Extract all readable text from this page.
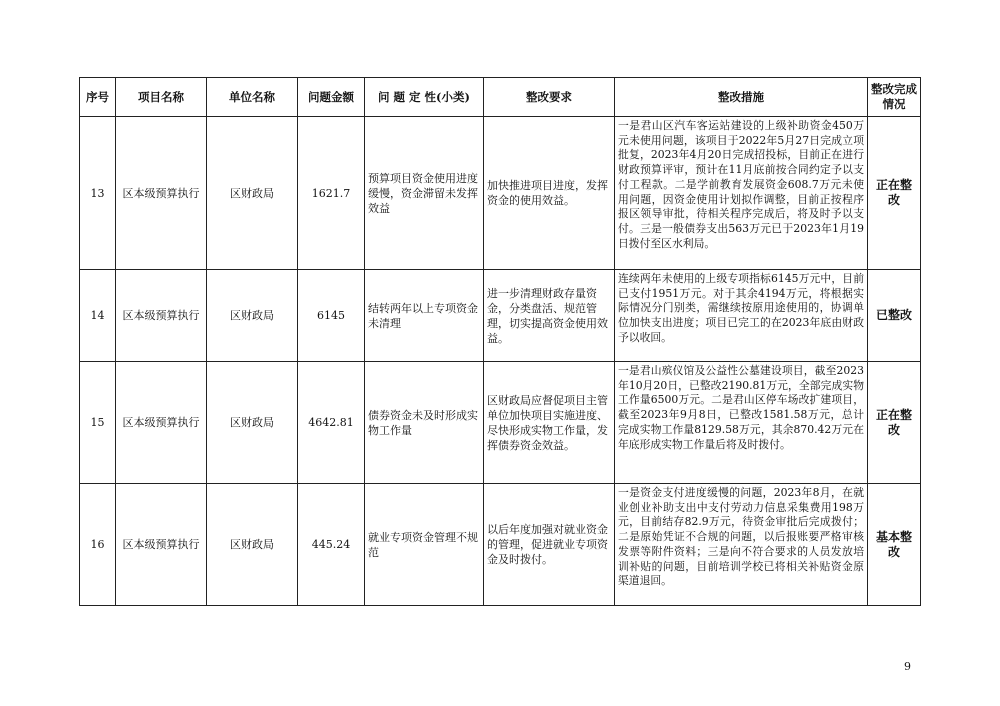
序号	项目名称	单位名称	问题金额	问 题 定 性(小类)	整改要求	整改措施	整改完成情况
13	区本级预算执行	区财政局	1621.7	预算项目资金使用进度缓慢，资金滞留未发挥效益	加快推进项目进度，发挥资金的使用效益。	一是君山区汽车客运站建设的上级补助资金450万元未使用问题，该项目于2022年5月27日完成立项批复，2023年4月20日完成招投标，目前正在进行财政预算评审，预计在11月底前按合同约定予以支付工程款。二是学前教育发展资金608.7万元未使用问题，因资金使用计划拟作调整，目前正按程序报区领导审批，待相关程序完成后，将及时予以支付。三是一般债券支出563万元已于2023年1月19日拨付至区水利局。	正在整改
14	区本级预算执行	区财政局	6145	结转两年以上专项资金未清理	进一步清理财政存量资金，分类盘活、规范管理，切实提高资金使用效益。	连续两年未使用的上级专项指标6145万元中，目前已支付1951万元。对于其余4194万元，将根据实际情况分门别类，需继续按原用途使用的，协调单位加快支出进度；项目已完工的在2023年底由财政予以收回。	已整改
15	区本级预算执行	区财政局	4642.81	债券资金未及时形成实物工作量	区财政局应督促项目主管单位加快项目实施进度、尽快形成实物工作量，发挥债券资金效益。	一是君山殡仪馆及公益性公墓建设项目，截至2023年10月20日，已整改2190.81万元，全部完成实物工作量6500万元。二是君山区停车场改扩建项目，截至2023年9月8日，已整改1581.58万元，总计完成实物工作量8129.58万元，其余870.42万元在年底形成实物工作量后将及时拨付。	正在整改
16	区本级预算执行	区财政局	445.24	就业专项资金管理不规范	以后年度加强对就业资金的管理，促进就业专项资金及时拨付。	一是资金支付进度缓慢的问题，2023年8月，在就业创业补助支出中支付劳动力信息采集费用198万元，目前结存82.9万元，待资金审批后完成拨付；二是原始凭证不合规的问题，以后报账要严格审核发票等附件资料；三是向不符合要求的人员发放培训补贴的问题，目前培训学校已将相关补贴资金原渠道退回。	基本整改
9
